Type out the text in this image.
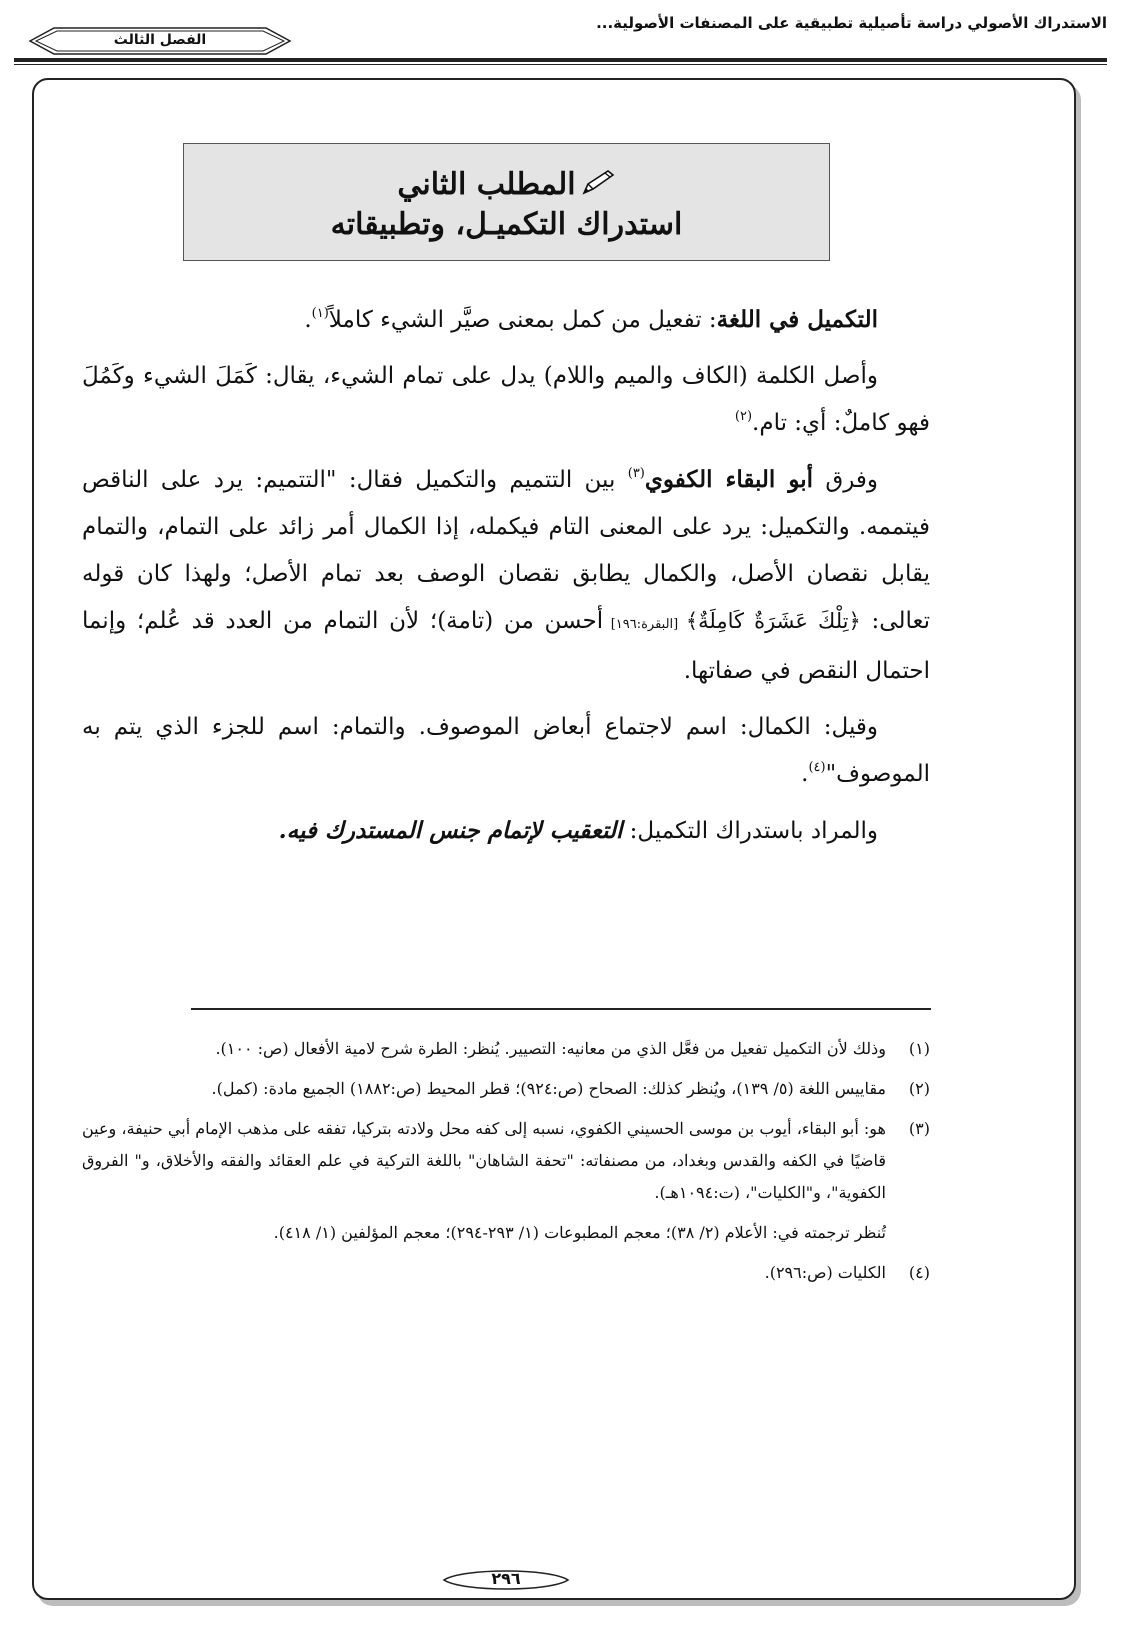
الاستدراك الأصولي دراسة تأصيلية تطبيقية على المصنفات الأصولية...
الفصل الثالث
المطلب الثاني
استدراك التكميـل، وتطبيقاته

التكميل في اللغة: تفعيل من كمل بمعنى صيَّر الشيء كاملاً$^{(١)}$.

وأصل الكلمة (الكاف والميم واللام) يدل على تمام الشيء، يقال: كَمَلَ الشيء وكَمُلَ فهو كاملٌ: أي: تام.$^{(٢)}$

وفرق أبو البقاء الكفوي$^{(٣)}$ بين التتميم والتكميل فقال: "التتميم: يرد على الناقص فيتممه. والتكميل: يرد على المعنى التام فيكمله، إذا الكمال أمر زائد على التمام، والتمام يقابل نقصان الأصل، والكمال يطابق نقصان الوصف بعد تمام الأصل؛ ولهذا كان قوله تعالى: ﴿تِلْكَ عَشَرَةٌ كَامِلَةٌ﴾ [البقرة:١٩٦] أحسن من (تامة)؛ لأن التمام من العدد قد عُلم؛ وإنما احتمال النقص في صفاتها.

وقيل: الكمال: اسم لاجتماع أبعاض الموصوف. والتمام: اسم للجزء الذي يتم به الموصوف"$^{(٤)}$.

والمراد باستدراك التكميل: التعقيب لإتمام جنس المستدرك فيه.

(١)
وذلك لأن التكميل تفعيل من فعَّل الذي من معانيه: التصيير. يُنظر: الطرة شرح لامية الأفعال (ص: ١٠٠).
(٢)
مقاييس اللغة (٥/ ١٣٩)، ويُنظر كذلك: الصحاح (ص:٩٢٤)؛ قطر المحيط (ص:١٨٨٢) الجميع مادة: (كمل).
(٣)
هو: أبو البقاء، أيوب بن موسى الحسيني الكفوي، نسبه إلى كفه محل ولادته بتركيا، تفقه على مذهب الإمام أبي حنيفة، وعين قاضيًا في الكفه والقدس وبغداد، من مصنفاته: "تحفة الشاهان" باللغة التركية في علم العقائد والفقه والأخلاق، و" الفروق الكفوية"، و"الكليات"، (ت:١٠٩٤هـ).
تُنظر ترجمته في: الأعلام (٢/ ٣٨)؛ معجم المطبوعات (١/ ٢٩٣-٢٩٤)؛ معجم المؤلفين (١/ ٤١٨).
(٤)
الكليات (ص:٢٩٦).
٢٩٦
